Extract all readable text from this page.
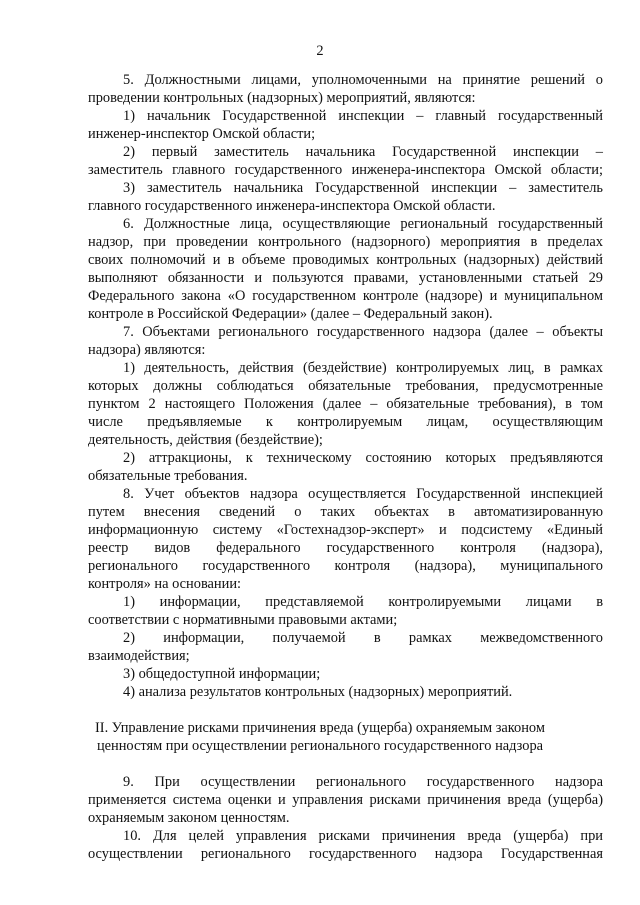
2
5. Должностными лицами, уполномоченными на принятие решений о
проведении контрольных (надзорных) мероприятий, являются:
1) начальник Государственной инспекции – главный государственный
инженер-инспектор Омской области;
2) первый заместитель начальника Государственной инспекции –
заместитель главного государственного инженера-инспектора Омской области;
3) заместитель начальника Государственной инспекции – заместитель
главного государственного инженера-инспектора Омской области.
6. Должностные лица, осуществляющие региональный государственный
надзор, при проведении контрольного (надзорного) мероприятия в пределах
своих полномочий и в объеме проводимых контрольных (надзорных) действий
выполняют обязанности и пользуются правами, установленными статьей 29
Федерального закона «О государственном контроле (надзоре) и муниципальном
контроле в Российской Федерации» (далее – Федеральный закон).
7. Объектами регионального государственного надзора (далее – объекты
надзора) являются:
1) деятельность, действия (бездействие) контролируемых лиц, в рамках
которых должны соблюдаться обязательные требования, предусмотренные
пунктом 2 настоящего Положения (далее – обязательные требования), в том
числе предъявляемые к контролируемым лицам, осуществляющим
деятельность, действия (бездействие);
2) аттракционы, к техническому состоянию которых предъявляются
обязательные требования.
8. Учет объектов надзора осуществляется Государственной инспекцией
путем внесения сведений о таких объектах в автоматизированную
информационную систему «Гостехнадзор-эксперт» и подсистему «Единый
реестр видов федерального государственного контроля (надзора),
регионального государственного контроля (надзора), муниципального
контроля» на основании:
1) информации, представляемой контролируемыми лицами в
соответствии с нормативными правовыми актами;
2) информации, получаемой в рамках межведомственного
взаимодействия;
3) общедоступной информации;
4) анализа результатов контрольных (надзорных) мероприятий.
II. Управление рисками причинения вреда (ущерба) охраняемым законом
ценностям при осуществлении регионального государственного надзора
9. При осуществлении регионального государственного надзора
применяется система оценки и управления рисками причинения вреда (ущерба)
охраняемым законом ценностям.
10. Для целей управления рисками причинения вреда (ущерба) при
осуществлении регионального государственного надзора Государственная
